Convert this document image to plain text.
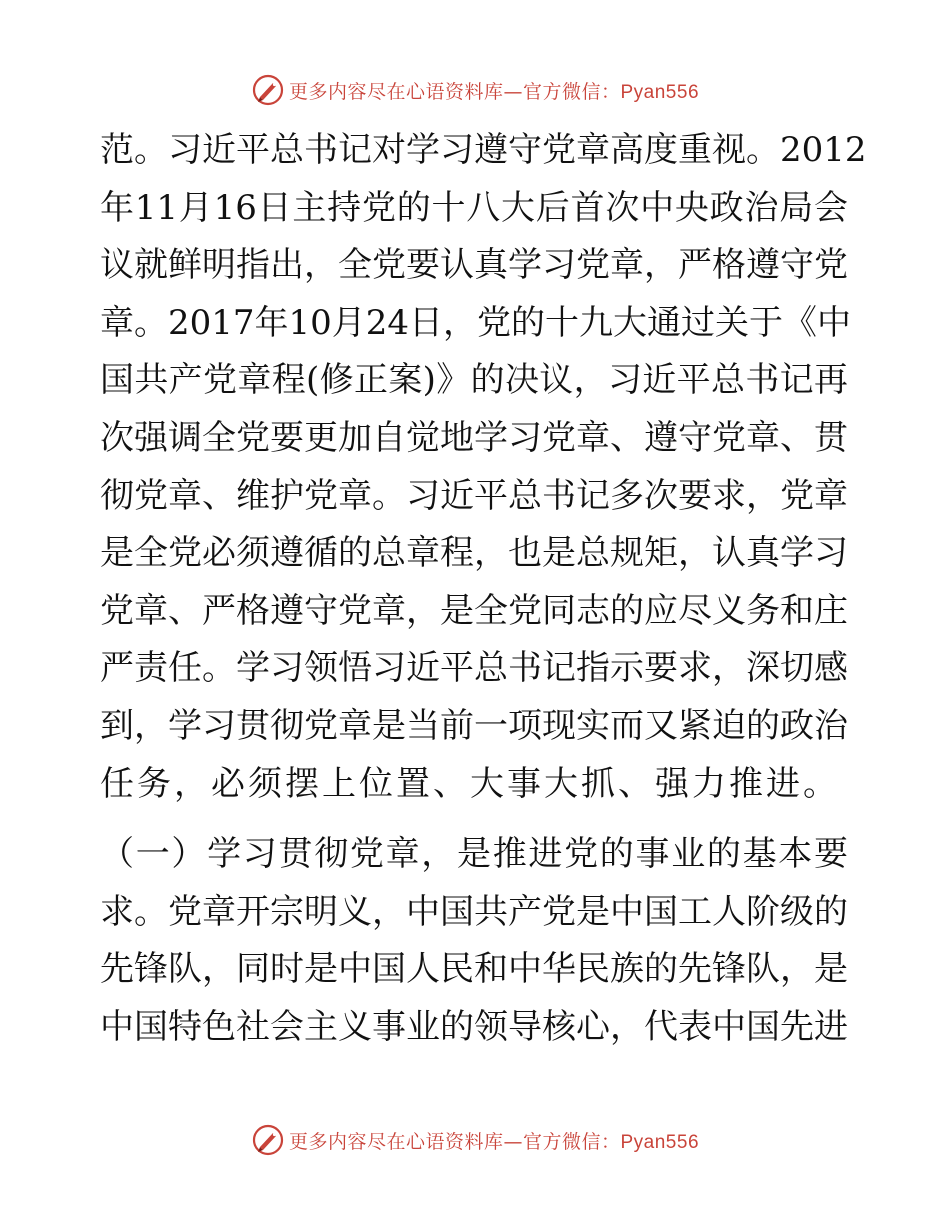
更多内容尽在心语资料库—官方微信：Pyan556
范。习近平总书记对学习遵守党章高度重视。2012
年11月16日主持党的十八大后首次中央政治局会
议就鲜明指出，全党要认真学习党章，严格遵守党
章。2017年10月24日，党的十九大通过关于《中
国共产党章程(修正案)》的决议，习近平总书记再
次强调全党要更加自觉地学习党章、遵守党章、贯
彻党章、维护党章。习近平总书记多次要求，党章
是全党必须遵循的总章程，也是总规矩，认真学习
党章、严格遵守党章，是全党同志的应尽义务和庄
严责任。学习领悟习近平总书记指示要求，深切感
到，学习贯彻党章是当前一项现实而又紧迫的政治
任务，必须摆上位置、大事大抓、强力推进。
（一）学习贯彻党章，是推进党的事业的基本要
求。党章开宗明义，中国共产党是中国工人阶级的
先锋队，同时是中国人民和中华民族的先锋队，是
中国特色社会主义事业的领导核心，代表中国先进
更多内容尽在心语资料库—官方微信：Pyan556
